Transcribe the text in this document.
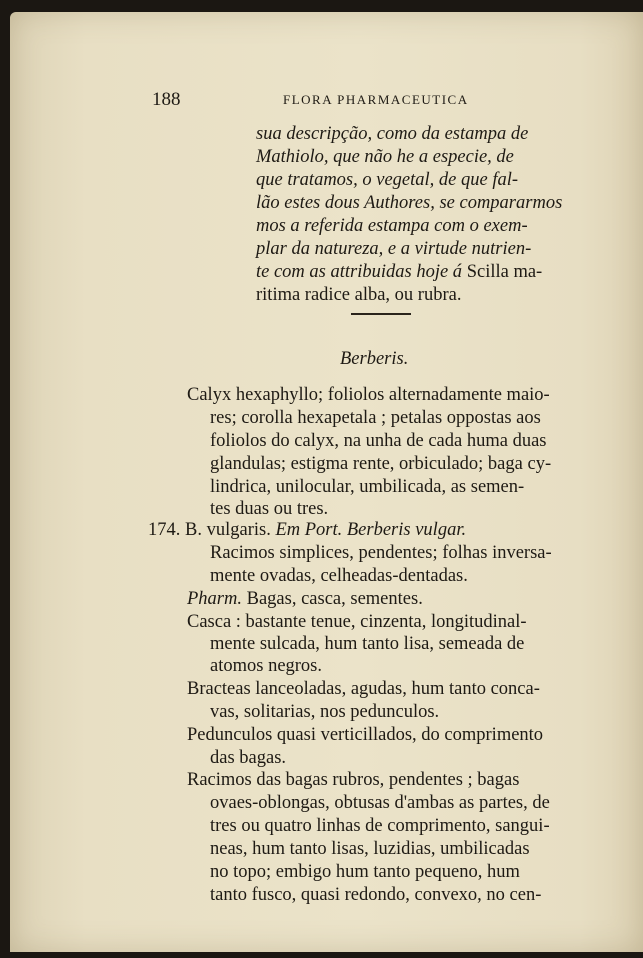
188	FLORA PHARMACEUTICA
sua descripção, como da estampa de
Mathiolo, que não he a especie, de
que tratamos, o vegetal, de que fal-
lão estes dous Authores, se compararmos
mos a referida estampa com o exem-
plar da natureza, e a virtude nutrien-
te com as attribuidas hoje á Scilla ma-
ritima radice alba, ou rubra.
Berberis.
Calyx hexaphyllo; foliolos alternadamente maio-
res; corolla hexapetala ; petalas oppostas aos
foliolos do calyx, na unha de cada huma duas
glandulas; estigma rente, orbiculado; baga cy-
lindrica, unilocular, umbilicada, as semen-
tes duas ou tres.
174. B. vulgaris. Em Port. Berberis vulgar.
Racimos simplices, pendentes; folhas inversa-
mente ovadas, celheadas-dentadas.
Pharm. Bagas, casca, sementes.
Casca : bastante tenue, cinzenta, longitudinal-
mente sulcada, hum tanto lisa, semeada de
atomos negros.
Bracteas lanceoladas, agudas, hum tanto conca-
vas, solitarias, nos pedunculos.
Pedunculos quasi verticillados, do comprimento
das bagas.
Racimos das bagas rubros, pendentes ; bagas
ovaes-oblongas, obtusas d'ambas as partes, de
tres ou quatro linhas de comprimento, sangui-
neas, hum tanto lisas, luzidias, umbilicadas
no topo; embigo hum tanto pequeno, hum
tanto fusco, quasi redondo, convexo, no cen-
